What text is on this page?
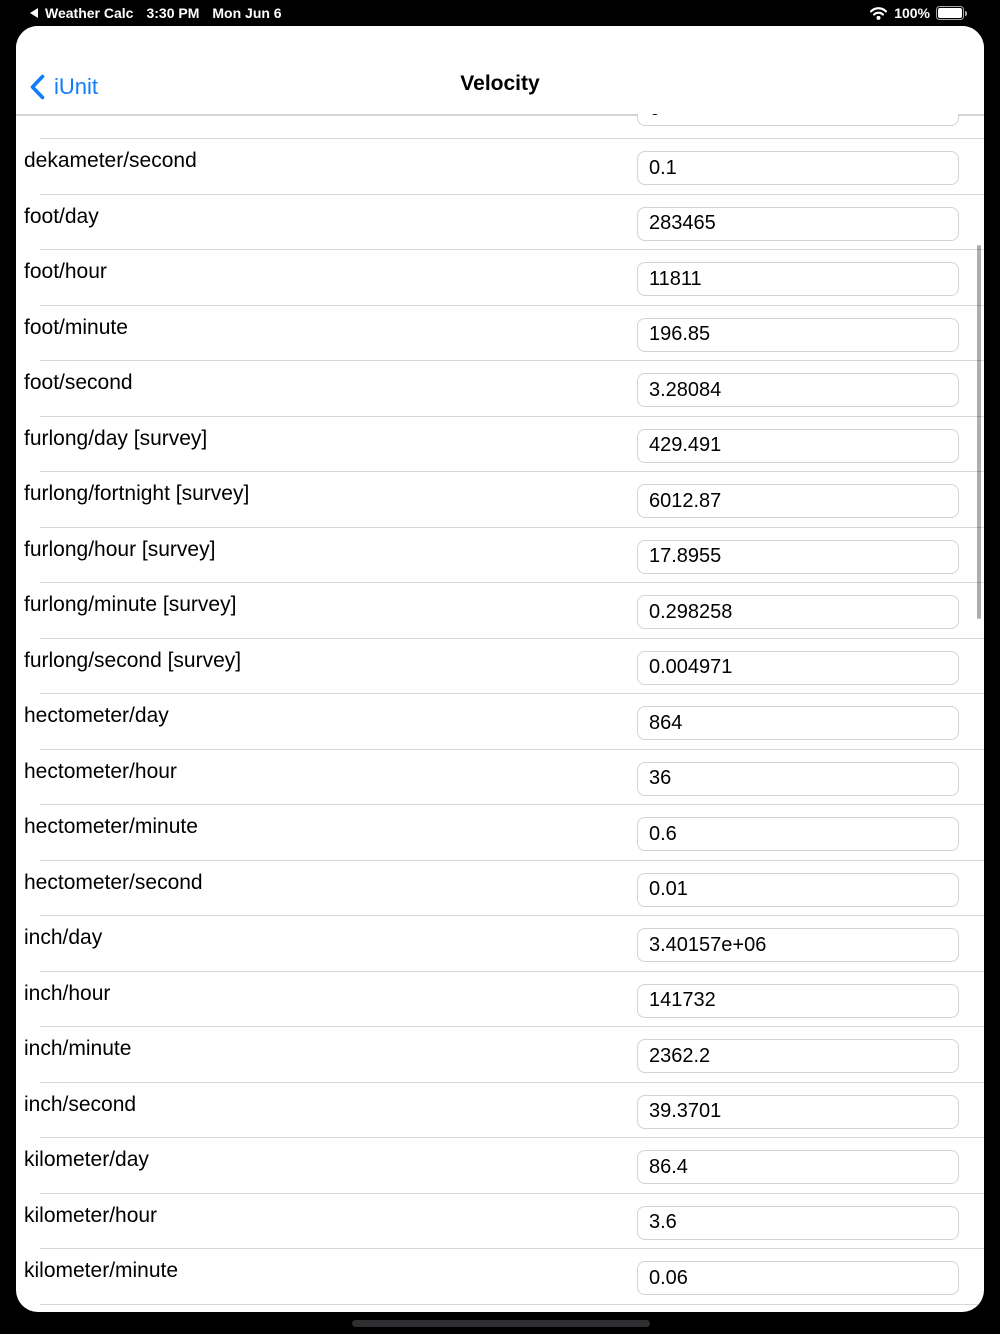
Weather Calc 3:30 PM Mon Jun 6	100%
6
dekameter/second
0.1
foot/day
283465
foot/hour
11811
foot/minute
196.85
foot/second
3.28084
furlong/day [survey]
429.491
furlong/fortnight [survey]
6012.87
furlong/hour [survey]
17.8955
furlong/minute [survey]
0.298258
furlong/second [survey]
0.004971
hectometer/day
864
hectometer/hour
36
hectometer/minute
0.6
hectometer/second
0.01
inch/day
3.40157e+06
inch/hour
141732
inch/minute
2362.2
inch/second
39.3701
kilometer/day
86.4
kilometer/hour
3.6
kilometer/minute
0.06
iUnit	Velocity
